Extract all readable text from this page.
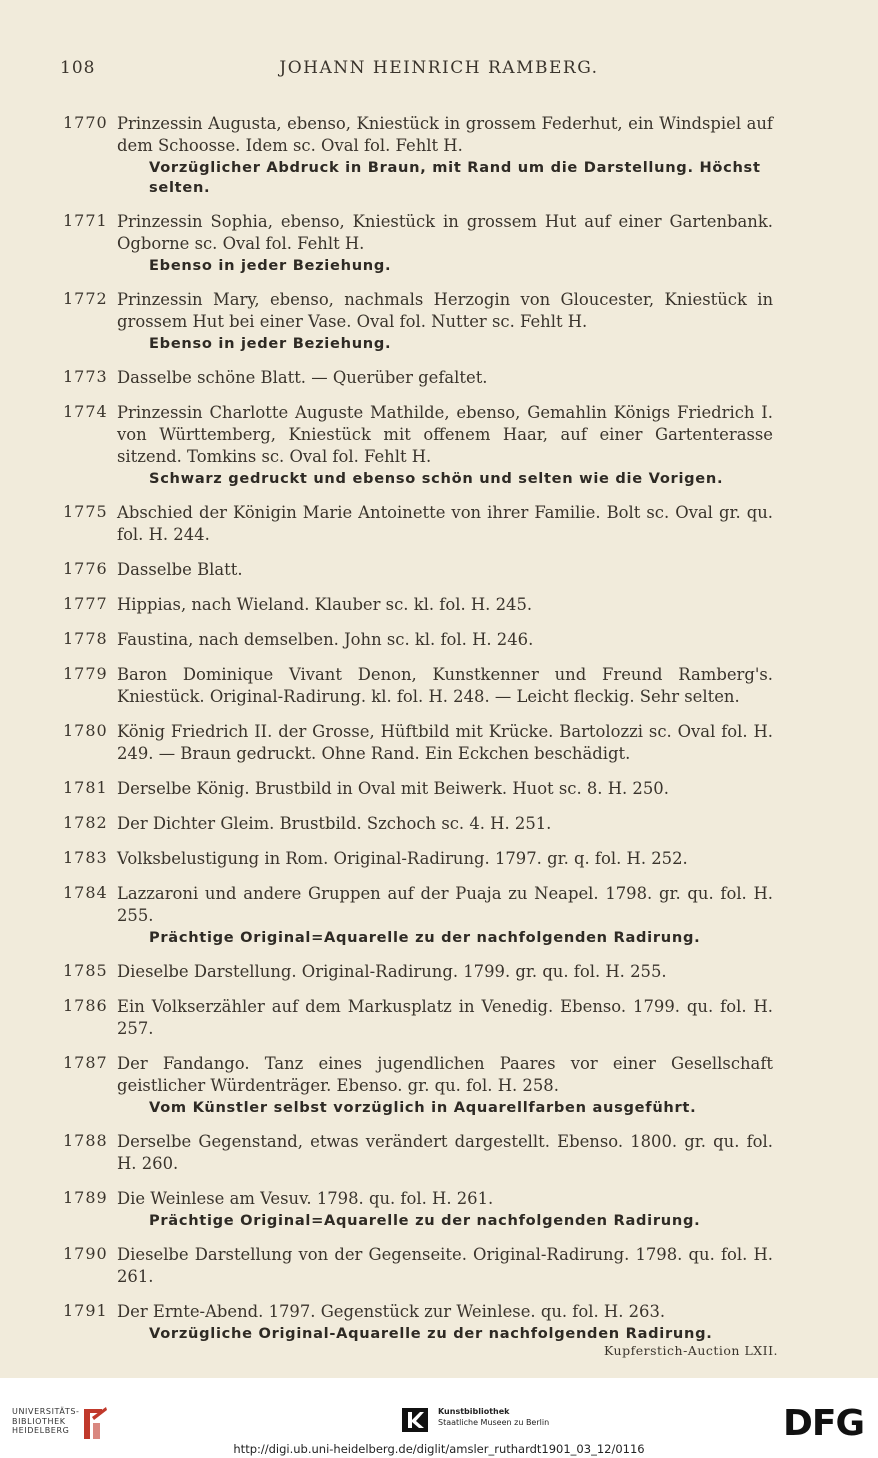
108	JOHANN HEINRICH RAMBERG.
1770 Prinzessin Augusta, ebenso, Kniestück in grossem Federhut, ein Windspiel auf dem Schoosse. Idem sc. Oval fol. Fehlt H.
Vorzüglicher Abdruck in Braun, mit Rand um die Darstellung. Höchst selten.
1771 Prinzessin Sophia, ebenso, Kniestück in grossem Hut auf einer Gartenbank. Ogborne sc. Oval fol. Fehlt H.
Ebenso in jeder Beziehung.
1772 Prinzessin Mary, ebenso, nachmals Herzogin von Gloucester, Kniestück in grossem Hut bei einer Vase. Oval fol. Nutter sc. Fehlt H.
Ebenso in jeder Beziehung.
1773 Dasselbe schöne Blatt. — Querüber gefaltet.
1774 Prinzessin Charlotte Auguste Mathilde, ebenso, Gemahlin Königs Friedrich I. von Württemberg, Kniestück mit offenem Haar, auf einer Gartenterasse sitzend. Tomkins sc. Oval fol. Fehlt H.
Schwarz gedruckt und ebenso schön und selten wie die Vorigen.
1775 Abschied der Königin Marie Antoinette von ihrer Familie. Bolt sc. Oval gr. qu. fol. H. 244.
1776 Dasselbe Blatt.
1777 Hippias, nach Wieland. Klauber sc. kl. fol. H. 245.
1778 Faustina, nach demselben. John sc. kl. fol. H. 246.
1779 Baron Dominique Vivant Denon, Kunstkenner und Freund Ramberg's. Kniestück. Original-Radirung. kl. fol. H. 248. — Leicht fleckig. Sehr selten.
1780 König Friedrich II. der Grosse, Hüftbild mit Krücke. Bartolozzi sc. Oval fol. H. 249. — Braun gedruckt. Ohne Rand. Ein Eckchen beschädigt.
1781 Derselbe König. Brustbild in Oval mit Beiwerk. Huot sc. 8. H. 250.
1782 Der Dichter Gleim. Brustbild. Szchoch sc. 4. H. 251.
1783 Volksbelustigung in Rom. Original-Radirung. 1797. gr. q. fol. H. 252.
1784 Lazzaroni und andere Gruppen auf der Puaja zu Neapel. 1798. gr. qu. fol. H. 255.
Prächtige Original=Aquarelle zu der nachfolgenden Radirung.
1785 Dieselbe Darstellung. Original-Radirung. 1799. gr. qu. fol. H. 255.
1786 Ein Volkserzähler auf dem Markusplatz in Venedig. Ebenso. 1799. qu. fol. H. 257.
1787 Der Fandango. Tanz eines jugendlichen Paares vor einer Gesellschaft geistlicher Würdenträger. Ebenso. gr. qu. fol. H. 258.
Vom Künstler selbst vorzüglich in Aquarellfarben ausgeführt.
1788 Derselbe Gegenstand, etwas verändert dargestellt. Ebenso. 1800. gr. qu. fol. H. 260.
1789 Die Weinlese am Vesuv. 1798. qu. fol. H. 261.
Prächtige Original=Aquarelle zu der nachfolgenden Radirung.
1790 Dieselbe Darstellung von der Gegenseite. Original-Radirung. 1798. qu. fol. H. 261.
1791 Der Ernte-Abend. 1797. Gegenstück zur Weinlese. qu. fol. H. 263.
Vorzügliche Original-Aquarelle zu der nachfolgenden Radirung.
Kupferstich-Auction LXII.
UNIVERSITÄTS-
BIBLIOTHEK
HEIDELBERG
Kunstbibliothek
Staatliche Museen zu Berlin	DFG
http://digi.ub.uni-heidelberg.de/diglit/amsler_ruthardt1901_03_12/0116
